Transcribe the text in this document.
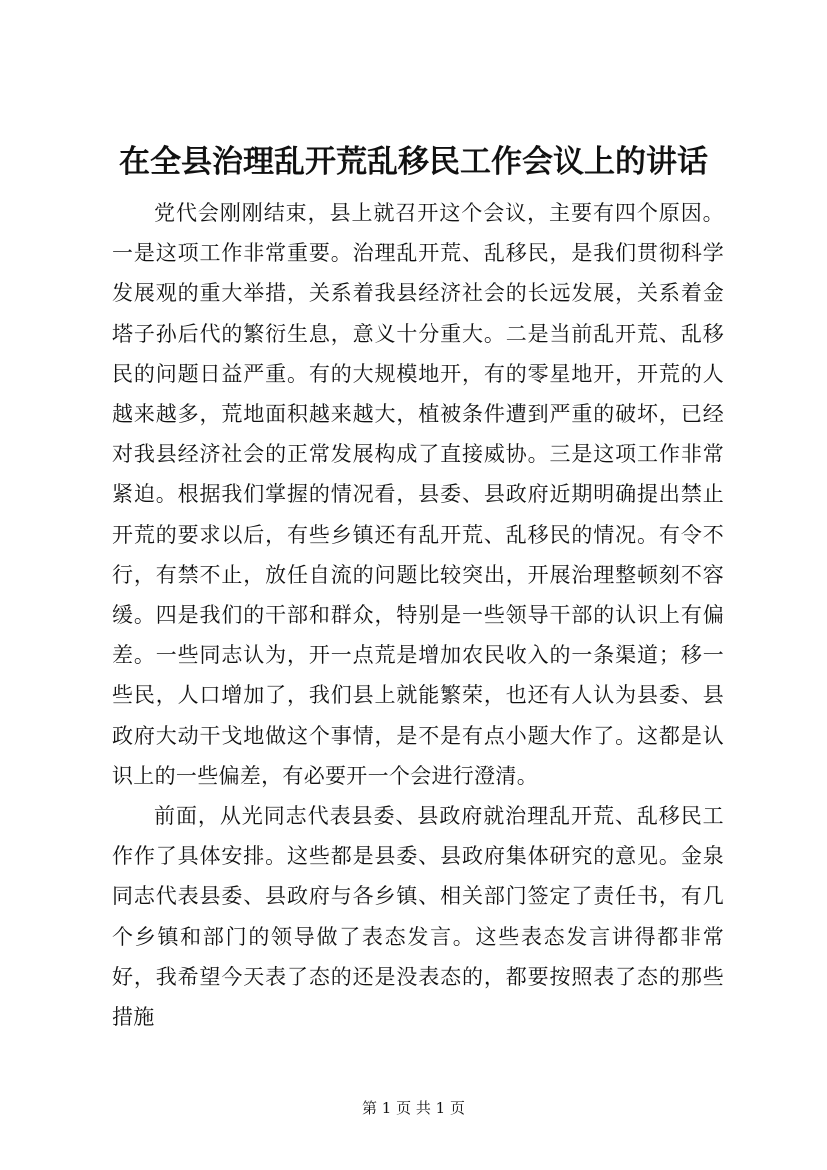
在全县治理乱开荒乱移民工作会议上的讲话

党代会刚刚结束，县上就召开这个会议，主要有四个原因。一是这项工作非常重要。治理乱开荒、乱移民，是我们贯彻科学发展观的重大举措，关系着我县经济社会的长远发展，关系着金塔子孙后代的繁衍生息，意义十分重大。二是当前乱开荒、乱移民的问题日益严重。有的大规模地开，有的零星地开，开荒的人越来越多，荒地面积越来越大，植被条件遭到严重的破坏，已经对我县经济社会的正常发展构成了直接威协。三是这项工作非常紧迫。根据我们掌握的情况看，县委、县政府近期明确提出禁止开荒的要求以后，有些乡镇还有乱开荒、乱移民的情况。有令不行，有禁不止，放任自流的问题比较突出，开展治理整顿刻不容缓。四是我们的干部和群众，特别是一些领导干部的认识上有偏差。一些同志认为，开一点荒是增加农民收入的一条渠道；移一些民，人口增加了，我们县上就能繁荣，也还有人认为县委、县政府大动干戈地做这个事情，是不是有点小题大作了。这都是认识上的一些偏差，有必要开一个会进行澄清。

前面，从光同志代表县委、县政府就治理乱开荒、乱移民工作作了具体安排。这些都是县委、县政府集体研究的意见。金泉同志代表县委、县政府与各乡镇、相关部门签定了责任书，有几个乡镇和部门的领导做了表态发言。这些表态发言讲得都非常好，我希望今天表了态的还是没表态的，都要按照表了态的那些措施

第 1 页 共 1 页
